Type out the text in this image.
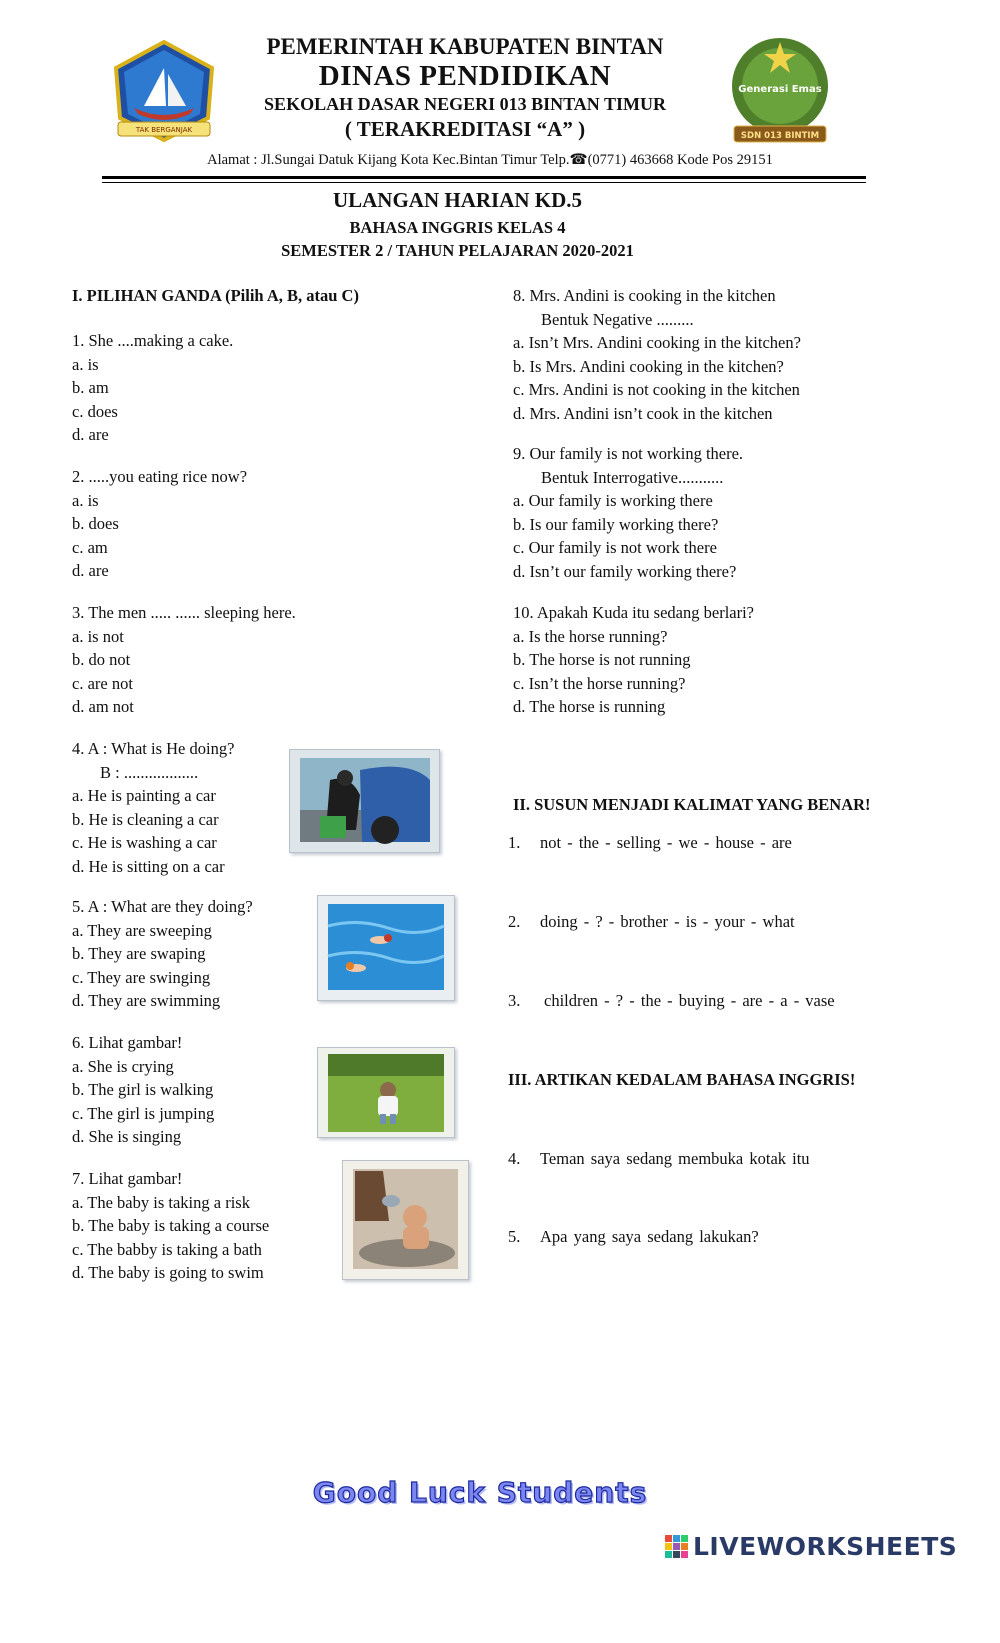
TAK BERGANJAK
Generasi Emas
SDN 013 BINTIM
PEMERINTAH KABUPATEN BINTAN
DINAS PENDIDIKAN
SEKOLAH DASAR NEGERI 013 BINTAN TIMUR
( TERAKREDITASI “A” )
Alamat : Jl.Sungai Datuk Kijang Kota Kec.Bintan Timur Telp.☎(0771) 463668 Kode Pos 29151
ULANGAN HARIAN KD.5
BAHASA INGGRIS KELAS 4
SEMESTER 2 / TAHUN PELAJARAN 2020-2021
I. PILIHAN GANDA (Pilih A, B, atau C)
1. She ....making a cake.
a. is
b. am
c. does
d. are
2. .....you eating rice now?
a. is
b. does
c. am
d. are
3. The men ..... ...... sleeping here.
a. is not
b. do not
c. are not
d. am not
4. A : What is He doing?
B : ..................
a. He is painting a car
b. He is cleaning a car
c. He is washing a car
d. He is sitting on a car
5. A : What are they doing?
a. They are sweeping
b. They are swaping
c. They are swinging
d. They are swimming
6. Lihat gambar!
a. She is crying
b. The girl is walking
c. The girl is jumping
d. She is singing
7. Lihat gambar!
a. The baby is taking a risk
b. The baby is taking a course
c. The babby is taking a bath
d. The baby is going to swim
8. Mrs. Andini is cooking in the kitchen
Bentuk Negative .........
a. Isn’t Mrs. Andini cooking in the kitchen?
b. Is Mrs. Andini cooking in the kitchen?
c. Mrs. Andini is not cooking in the kitchen
d. Mrs. Andini isn’t cook in the kitchen
9. Our family is not working there.
Bentuk Interrogative...........
a. Our family is working there
b. Is our family working there?
c. Our family is not work there
d. Isn’t our family working there?
10. Apakah Kuda itu sedang berlari?
a. Is the horse running?
b. The horse is not running
c. Isn’t the horse running?
d. The horse is running
II. SUSUN MENJADI KALIMAT YANG BENAR!
1. not - the - selling - we - house - are
2. doing - ? - brother - is - your - what
3. children - ? - the - buying - are - a - vase
III. ARTIKAN KEDALAM BAHASA INGGRIS!
4. Teman saya sedang membuka kotak itu
5. Apa yang saya sedang lakukan?
Good Luck Students
LIVEWORKSHEETS
